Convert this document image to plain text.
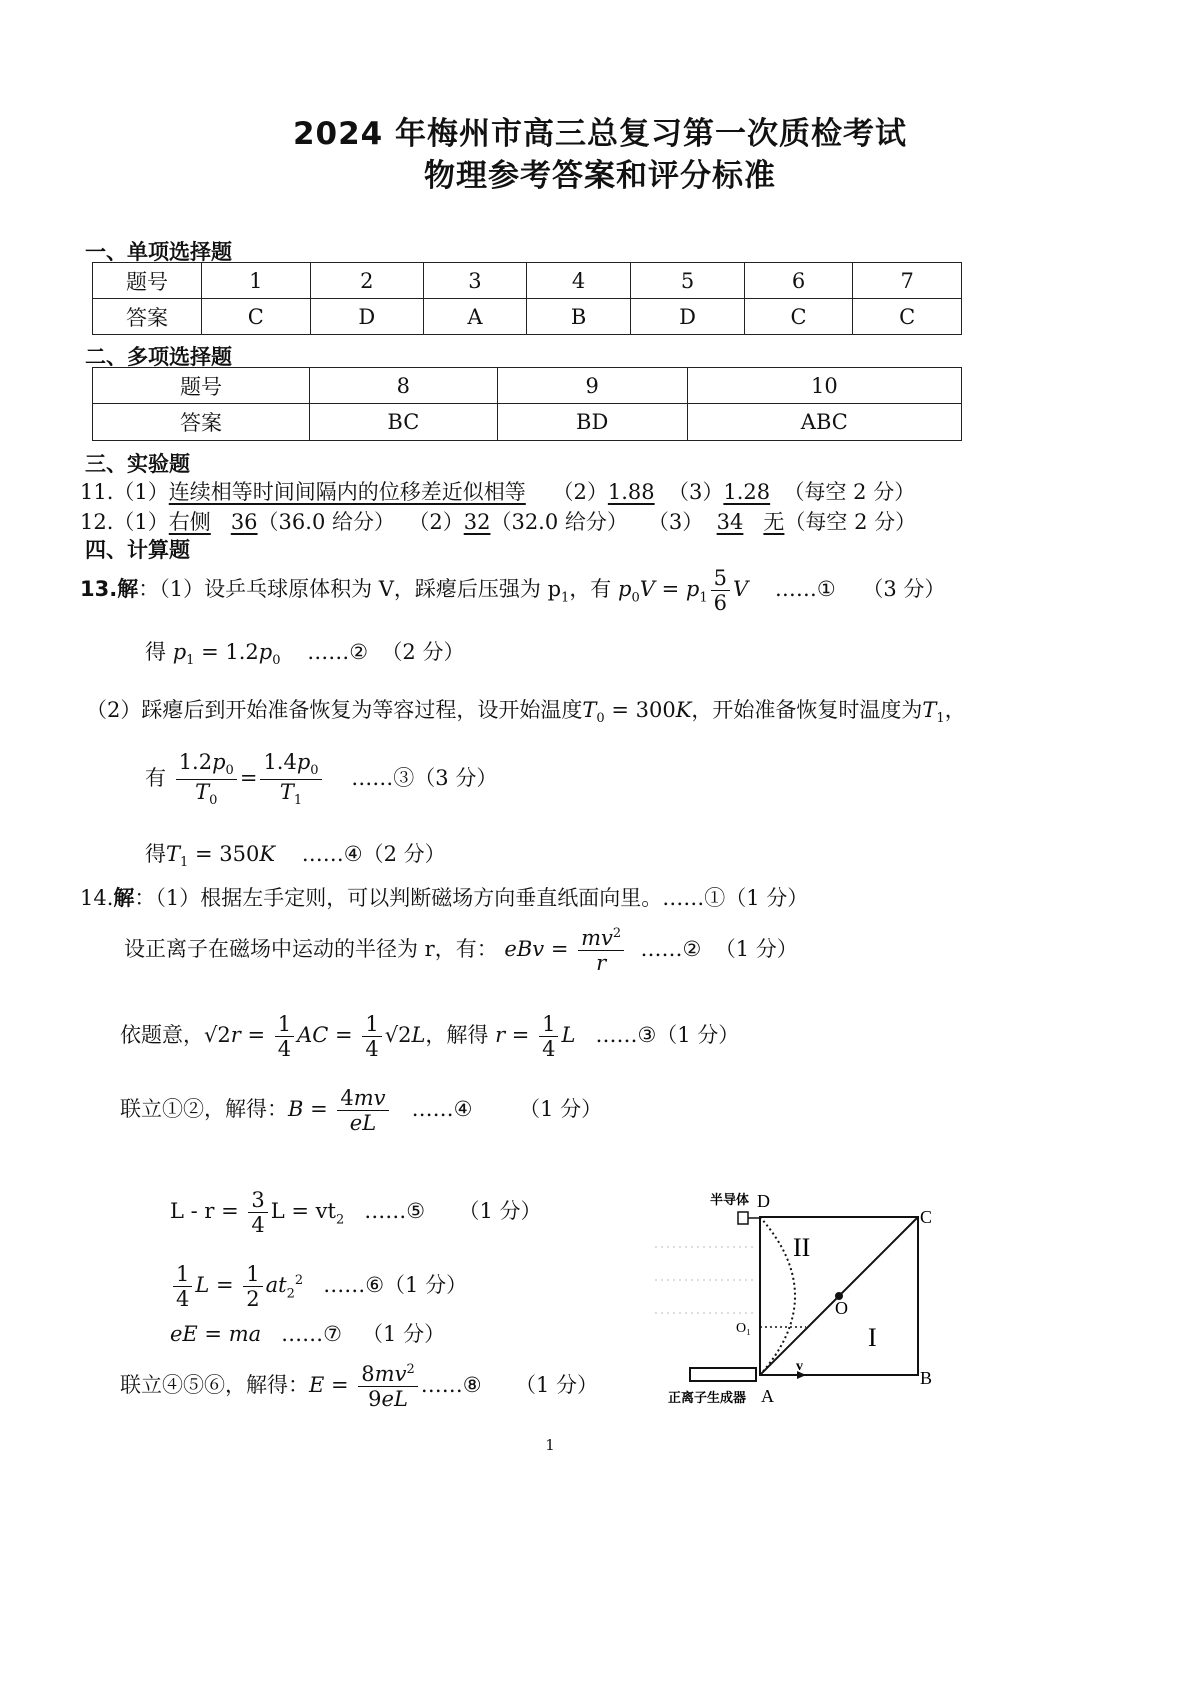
2024 年梅州市高三总复习第一次质检考试
物理参考答案和评分标准
一、单项选择题
题号	1	2	3	4	5	6	7
答案	C	D	A	B	D	C	C
二、多项选择题
题号	8	9	10
答案	BC	BD	ABC
三、实验题
11.（1）连续相等时间间隔内的位移差近似相等 （2）1.88 （3）1.28 （每空 2 分）
12.（1）右侧 36（36.0 给分） （2）32（32.0 给分） （3） 34 无（每空 2 分）
四、计算题
13.解：（1）设乒乓球原体积为 V，踩瘪后压强为 $p_1$，有 $p_0V = p_1 \frac{5}{6}$ V ……① （3 分）
得 $p_1 = 1.2p_0$ ……② （2 分）
（2）踩瘪后到开始准备恢复为等容过程，设开始温度$T_0 = 300K$，开始准备恢复时温度为$T_1$，
有 $\frac{1.2p_0}{T_0} = \frac{1.4p_0}{T_1}$ ……③（3 分）
得$T_1 = 350K$ ……④（2 分）
14.解：（1）根据左手定则，可以判断磁场方向垂直纸面向里。……①（1 分）
设正离子在磁场中运动的半径为 r，有： eBv = $\frac{mv^2}{r}$ ……② （1 分）
依题意，$√2r = \frac{1}{4}$ AC = $\frac{1}{4} √2L$，解得 $r = \frac{1}{4}$ L ……③（1 分）
联立①②，解得：$B = \frac{4mv}{eL}$ ……④ （1 分）
$L - r = \frac{3}{4}$ $L = vt_2$ ……⑤ （1 分）
$\frac{1}{4}$ $L = \frac{1}{2} at_2^2$ ……⑥（1 分）
eE = ma ……⑦ （1 分）
联立④⑤⑥，解得：$E = \frac{8mv^2}{9eL}$ ……⑧ （1 分）
半导体 D
C
B
A
O
O₁
II
I
v
正离子生成器
1
